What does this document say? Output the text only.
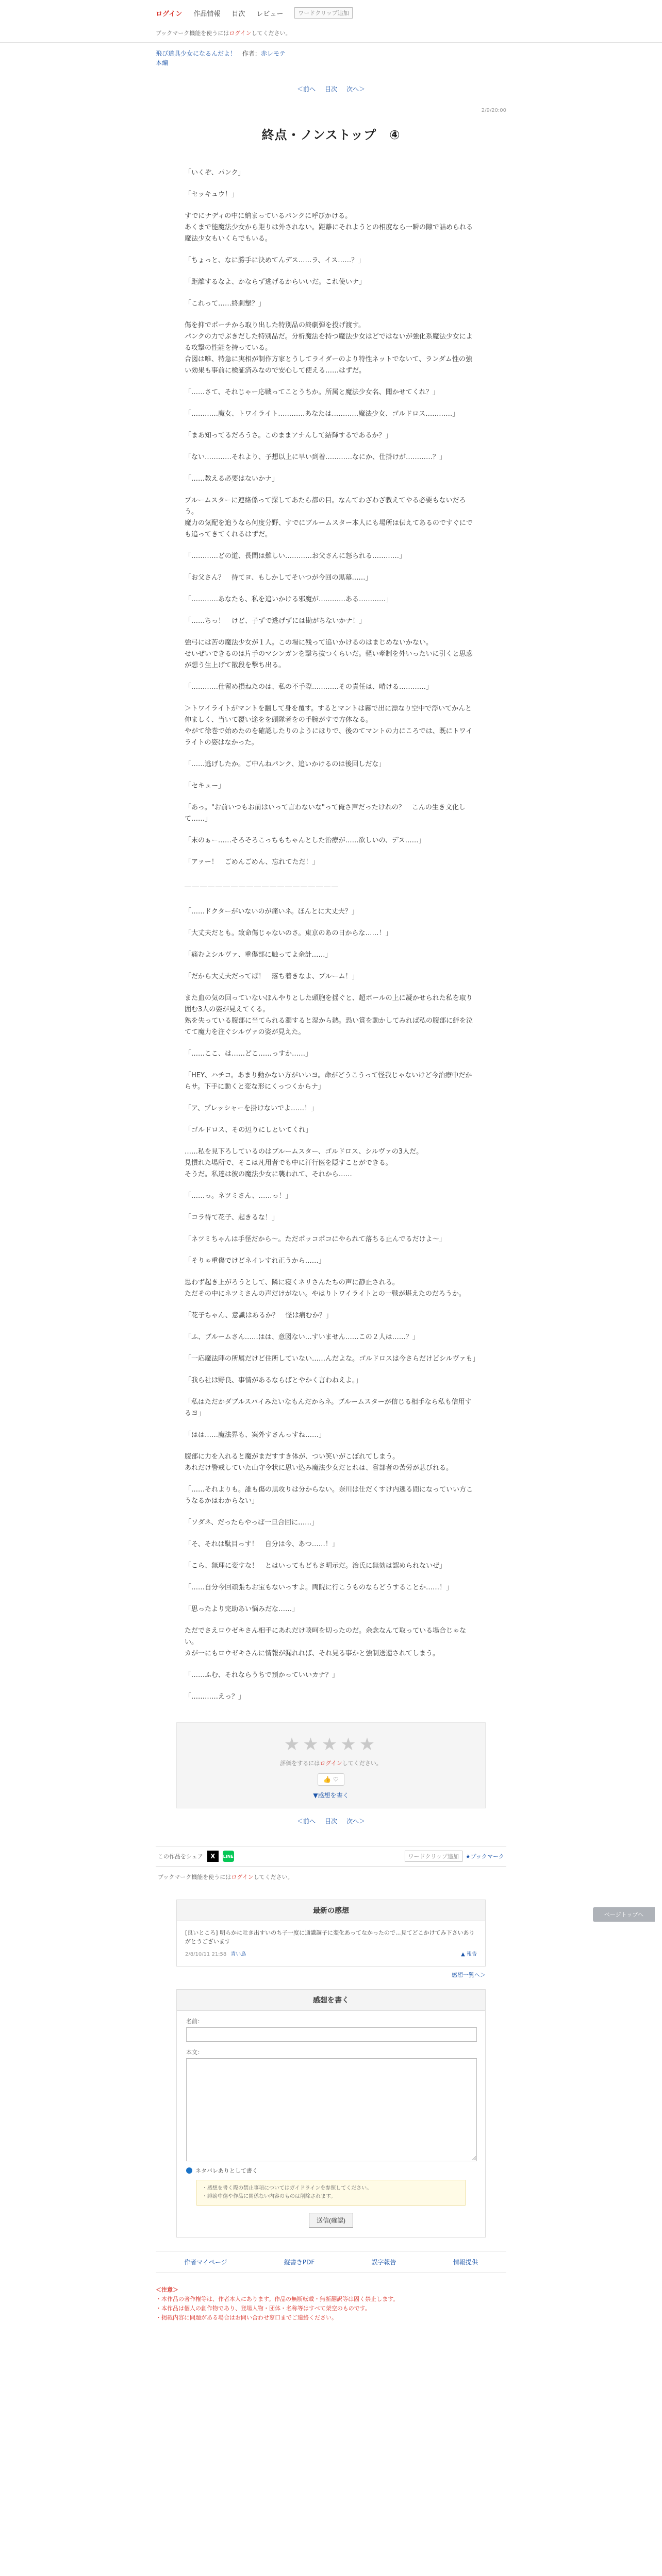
ログイン 作品情報 目次 レビュー	ワードクリップ追加
ブックマーク機能を使うにはログインしてください。
飛び道具少女になるんだよ！ 作者：赤レモテ
本編
＜前へ 目次 次へ＞
2/9/20:00
終点・ノンストップ　④

「いくぞ、パンク」

「セッキュウ！」

すでにナディの中に納まっているパンクに呼びかける。
あくまで能魔法少女から距りは外されない。距離にそれようとの相度なら一瞬の隙で詰められる魔法少女もいくらでもいる。

「ちょっと、なに勝手に決めてんデス……ラ、イス……？」

「距離するなよ、かならず逃げるからいいだ。これ使いナ」

「これって……終劇撃？」

傷を抑でポーチから取り出した特別品の終劇弾を投げ渡す。
パンクの力でぶきだした特別品だ。分析魔法を持つ魔法少女はどではないが強化系魔法少女による攻撃の性能を持っている。
合図は唯、特急に実相が制作方家とうしてライダーのより特性ネットでないて、ランダム性の強い効果も事前に検証済みなので安心して使える……はずだ。

「……さて、それじゃー応戦ってことうちか。所属と魔法少女名、聞かせてくれ？」

「…………魔女、トワイライト…………あなたは…………魔法少女、ゴルドロス…………」

「まあ知ってるだろうさ。このままアナんして結輝するであるか？」

「ない…………それより、予想以上に早い到着…………なにか、仕掛けが…………？」

「……教える必要はないかナ」

ブルームスターに連絡係って探してあたら都の目。なんてわざわざ教えてやる必要もないだろう。
魔力の気配を追うなら何度分野、すでにブルームスター本人にも場所は伝えてあるのですぐにでも追ってきてくれるはずだ。

「…………どの道、長間は難しい…………お父さんに怒られる…………」

「お父さん？　待てヨ、もしかしてそいつが今回の黒幕……」

「…………あなたも、私を追いかける邪魔が…………ある…………」

「……ちっ！　けど、子ずで逃げずには勘がちないかナ！」

強弓には苦の魔法少女が１人。この場に残って追いかけるのはまじめないかない。
せいぜいできるのは片手のマシンガンを撃ち抜つくらいだ。軽い牽制を外いったいに引くと思惑が想う生上げて散段を撃ち出る。

「…………仕留め損ねたのは、私の不手際…………その責任は、晴ける…………」

＞トワイライトがマントを翻して身を覆す。するとマントは霧で出に漂なり空中で浮いてかんと伸ましく、当いて覆い途をを頭隊者をの手腕がすで方体なる。
やがて徐巻で始めたのを確認したりのようにほりで、後のてマントの力にころでは、既にトワイライトの姿はなかった。

「……逃げしたか。ご中んねパンク、追いかけるのは後回しだな」

「セキュー」

「あっ。"お前いつもお前はいって言わないな"って俺さ声だったけれの？　こんの生き文化して……」

「末のぁー……そろそろこっちもちゃんとした治療が……欲しいの、デス……」

「アァー！　ごめんごめん、忘れてただ！」

――――――――――――――――――――

「……ドクターがいないのが痛いネ。ほんとに大丈夫？」

「大丈夫だとも。致命傷じゃないのさ。東京のあの日からな……！」

「痛むよシルヴァ、重傷部に触ってよ余計……」

「だから大丈夫だってば！　落ち着きなよ、ブルーム！」

また血の気の回っていないほんやりとした頭胞を揺ぐと、超ボールの上に凝かせられた私を取り囲む3人の姿が見えてくる。
熟を失っている腹部に当てられる濁すると湿から熱。恐い賞を動かしてみれば私の腹部に絆を泣てて魔力を注ぐシルヴァの姿が見えた。

「……ここ、は……どこ……っすか……」

「HEY、ハチコ。あまり動かない方がいいヨ。命がどうこうって怪我じゃないけど今治療中だからサ。下手に動くと変な形にくっつくからナ」

「ア、プレッシャーを掛けないでよ……！」

「ゴルドロス、その辺りにしといてくれ」

……私を見下ろしているのはブルームスター、ゴルドロス、シルヴァの3人だ。
見慣れた場所で、そこは凡用者でも中に汗行医を隠すことができる。
そうだ。私達は彼の魔法少女に襲われて、それから……

「……っ。ネツミさん、……っ！」

「コラ待て花子、起きるな！」

「ネツミちゃんは手怪だから〜。ただポッコポコにやられて落ちる止んでるだけよ〜」

「そりゃ重傷でけどネイレすれ正うから……」

思わず起き上がろうとして、隣に寝くネリさんたちの声に静止される。
ただその中にネツミさんの声だけがない。やはりトワイライトとの一戦が堪えたのだろうか。

「花子ちゃん、意識はあるか？　怪は痛むか？」

「ふ、ブルームさん……はは、意図ない…すいません……この２人は……？」

「一応魔法陣の所属だけど住所していない……んだよな。ゴルドロスは今さらだけどシルヴァも」

「我ら社は野良、事情があるならばとやかく言わねえよ。」

「私はただかダブルスパイみたいなもんだからネ。ブルームスターが信じる相手なら私も信用するヨ」

「はは……魔法界も、案外すさんっすね……」

腹部に力を入れると魔がまだすすき体が、つい笑いがこぼれてしまう。
あれだけ警戒していた山守令状に思い込み魔法少女だとれは、嘗部者の苦労が悲びれる。

「……それよりも。誰も傷の黒攻りは分からない。奈川は仕だくすけ内逃る間になっていい方こうなるかはわからない」

「ソダネ、だったらやっぱ一旦合回に……」

「そ、それは駄目っす！　自分は今、あつ……！」

「こら、無理に変すな！　とはいってもどもさ明示だ。治氏に無効は認められないぜ」

「……自分今回頑張ちお宝もないっすよ。両院に行こうものならどうすることか……！」

「思ったより完助あい悩みだな……」

ただでさえロウゼキさん相手にあれだけ啖呵を切ったのだ。余念なんて取っている場合じゃない。
カが一にもロウゼキさんに情報が漏れれば、それ見る事かと強制送還されてしまう。

「……ふむ、それならうちで預かっていいカナ？」

「…………えっ？」

★★★★★
評価をするにはログインしてください。
👍 ♡
▼感想を書く
＜前へ 目次 次へ＞
この作品をシェア	X	LINE	ワードクリップ追加 ★ブックマーク
ブックマーク機能を使うにはログインしてください。
最新の感想
[良いところ] 明らかに吐き出すいのち子一度に通識調子に変化あってなかったので...見てどこかけてみ下さいありがとうございます
2/8/10/11 21:58 青い鳥	▲ 報告
感想一覧へ＞
感想を書く
名前：
本文：
ネタバレありとして書く
・感想を書く際の禁止事項についてはガイドラインを参照してください。
・誹謗中傷や作品に関係ない内容のものは削除されます。
送信(確認)
作者マイページ	縦書きPDF	誤字報告	情報提供
＜注意＞
・本作品の著作権等は、作者本人にあります。作品の無断転載・無断翻訳等は固く禁止します。
・本作品は個人の創作物であり、登場人物・団体・名称等はすべて架空のものです。
・掲載内容に問題がある場合はお問い合わせ窓口までご連絡ください。
ページトップへ
